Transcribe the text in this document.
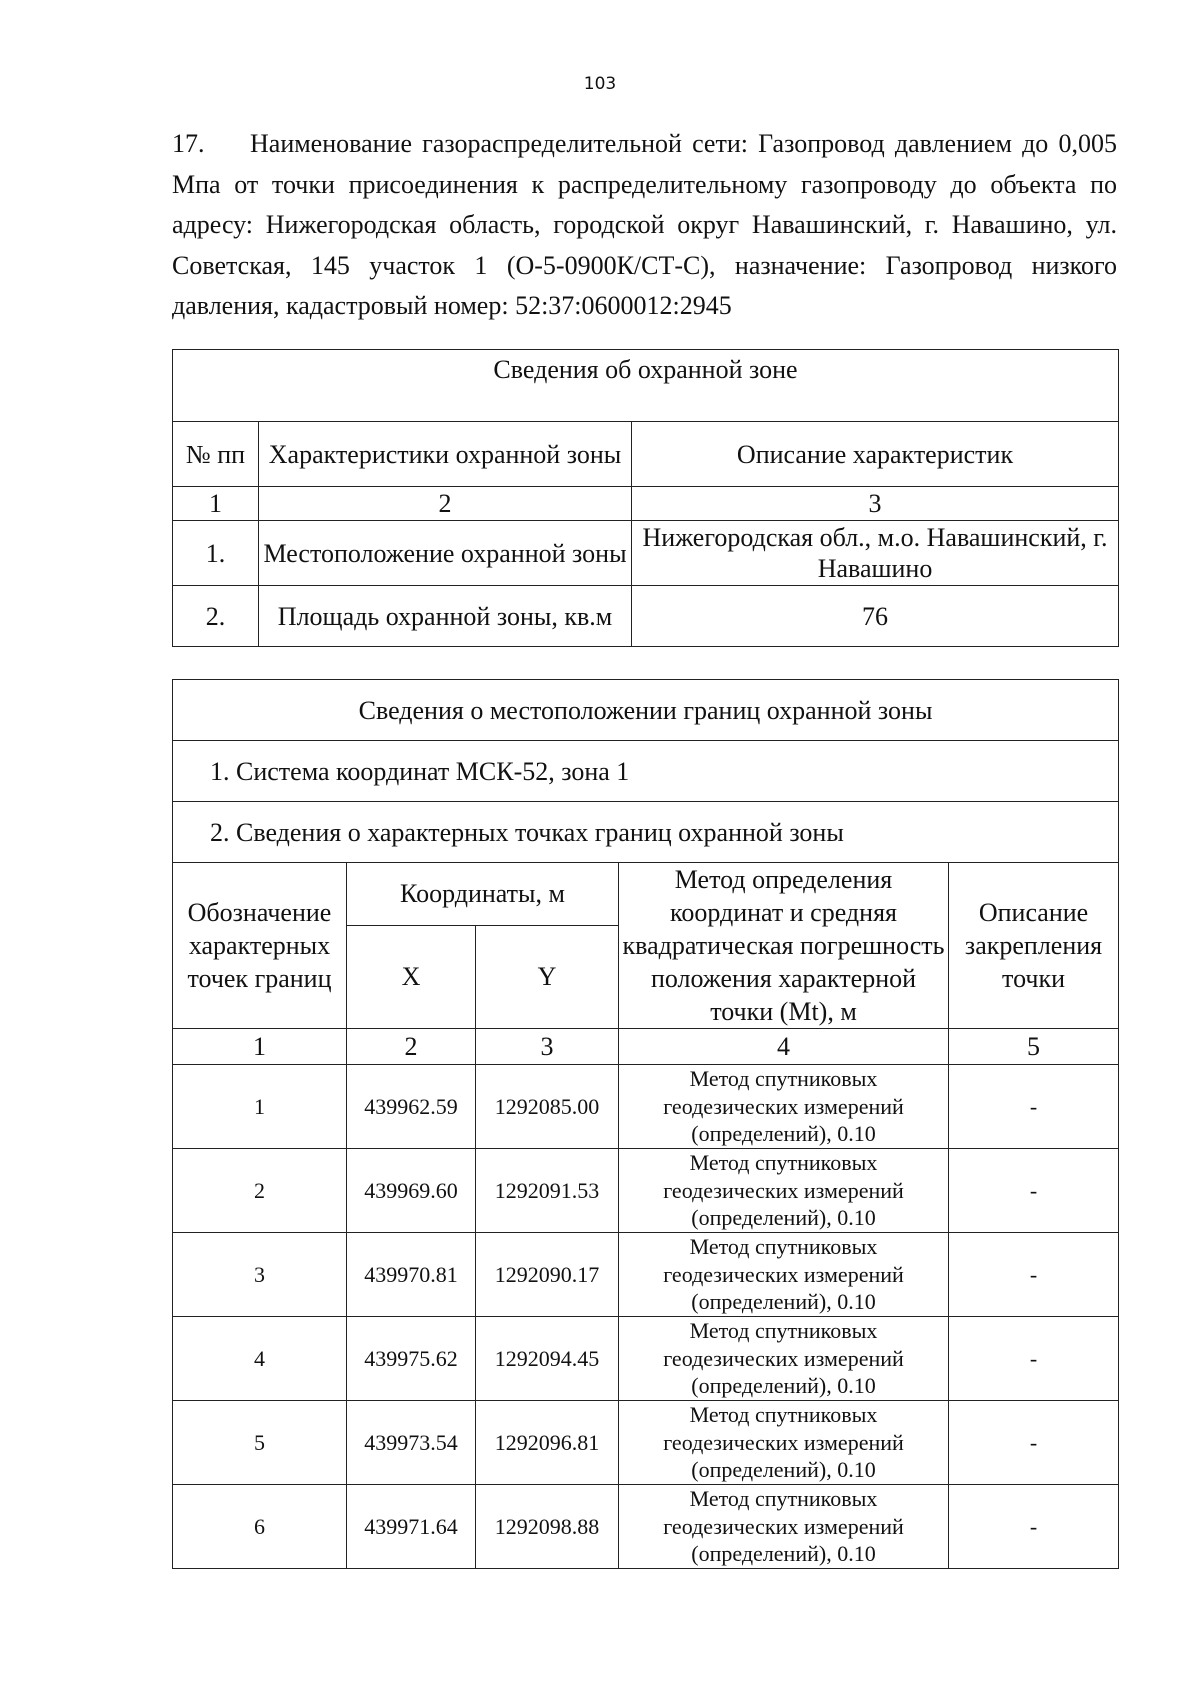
103

17. Наименование газораспределительной сети: Газопровод давлением до 0,005 Мпа от точки присоединения к распределительному газопроводу до объекта по адресу: Нижегородская область, городской округ Навашинский, г. Навашино, ул. Советская, 145 участок 1 (О-5-0900К/СТ-С), назначение: Газопровод низкого давления, кадастровый номер: 52:37:0600012:2945

Сведения об охранной зоне		
№ пп	Характеристики охранной зоны	Описание характеристик
1	2	3
1.	Местоположение охранной зоны	Нижегородская обл., м.о. Навашинский, г. Навашино
2.	Площадь охранной зоны, кв.м	76
Сведения о местоположении границ охранной зоны				
1. Система координат МСК-52, зона 1				
2. Сведения о характерных точках границ охранной зоны				
Обозначение характерных точек границ	Координаты, м		Метод определения координат и средняя квадратическая погрешность положения характерной точки (Mt), м	Описание закрепления точки
	X	Y		
1	2	3	4	5
1	439962.59	1292085.00	Метод спутниковых геодезических измерений (определений), 0.10	-
2	439969.60	1292091.53	Метод спутниковых геодезических измерений (определений), 0.10	-
3	439970.81	1292090.17	Метод спутниковых геодезических измерений (определений), 0.10	-
4	439975.62	1292094.45	Метод спутниковых геодезических измерений (определений), 0.10	-
5	439973.54	1292096.81	Метод спутниковых геодезических измерений (определений), 0.10	-
6	439971.64	1292098.88	Метод спутниковых геодезических измерений (определений), 0.10	-
